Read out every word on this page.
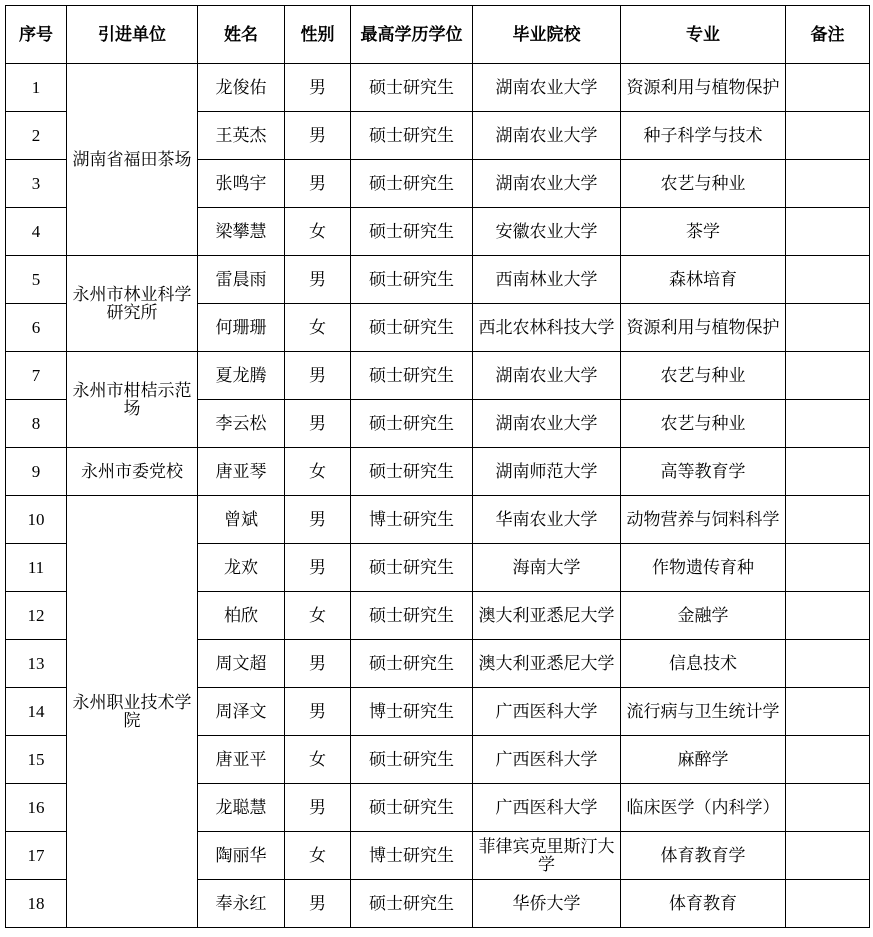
序号	引进单位	姓名	性别	最高学历学位	毕业院校	专业	备注
1	湖南省福田茶场	龙俊佑	男	硕士研究生	湖南农业大学	资源利用与植物保护	
2		王英杰	男	硕士研究生	湖南农业大学	种子科学与技术	
3		张鸣宇	男	硕士研究生	湖南农业大学	农艺与种业	
4		梁攀慧	女	硕士研究生	安徽农业大学	茶学	
5	永州市林业科学研究所	雷晨雨	男	硕士研究生	西南林业大学	森林培育	
6		何珊珊	女	硕士研究生	西北农林科技大学	资源利用与植物保护	
7	永州市柑桔示范场	夏龙腾	男	硕士研究生	湖南农业大学	农艺与种业	
8		李云松	男	硕士研究生	湖南农业大学	农艺与种业	
9	永州市委党校	唐亚琴	女	硕士研究生	湖南师范大学	高等教育学	
10	永州职业技术学院	曾斌	男	博士研究生	华南农业大学	动物营养与饲料科学	
11		龙欢	男	硕士研究生	海南大学	作物遗传育种	
12		柏欣	女	硕士研究生	澳大利亚悉尼大学	金融学	
13		周文超	男	硕士研究生	澳大利亚悉尼大学	信息技术	
14		周泽文	男	博士研究生	广西医科大学	流行病与卫生统计学	
15		唐亚平	女	硕士研究生	广西医科大学	麻醉学	
16		龙聪慧	男	硕士研究生	广西医科大学	临床医学（内科学）	
17		陶丽华	女	博士研究生	菲律宾克里斯汀大学	体育教育学	
18		奉永红	男	硕士研究生	华侨大学	体育教育	
